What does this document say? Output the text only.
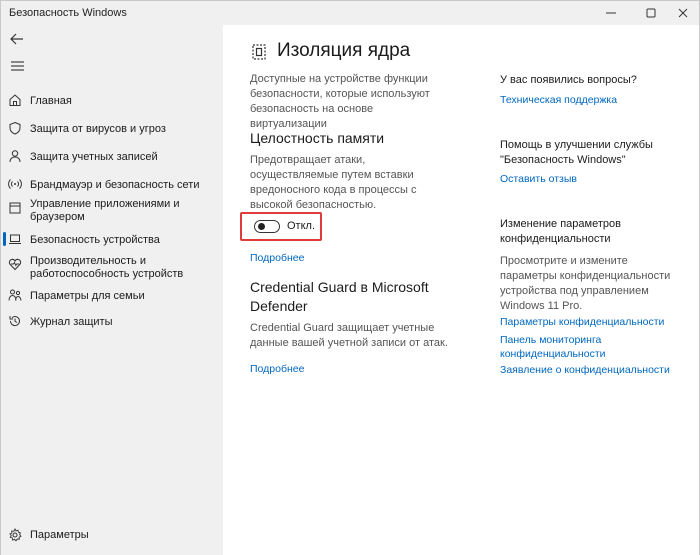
Безопасность Windows
Главная
Защита от вирусов и угроз
Защита учетных записей
Брандмауэр и безопасность сети
Управление приложениями и браузером
Безопасность устройства
Производительность и работоспособность устройств
Параметры для семьи
Журнал защиты
Параметры
Изоляция ядра
Доступные на устройстве функции безопасности, которые используют безопасность на основе виртуализации
Целостность памяти
Предотвращает атаки, осуществляемые путем вставки вредоносного кода в процессы с высокой безопасностью.
Откл.
Подробнее
Credential Guard в Microsoft Defender
Credential Guard защищает учетные данные вашей учетной записи от атак.
Подробнее
У вас появились вопросы?
Техническая поддержка
Помощь в улучшении службы "Безопасность Windows"
Оставить отзыв
Изменение параметров конфиденциальности
Просмотрите и измените параметры конфиденциальности устройства под управлением Windows 11 Pro.
Параметры конфиденциальности
Панель мониторинга конфиденциальности
Заявление о конфиденциальности
